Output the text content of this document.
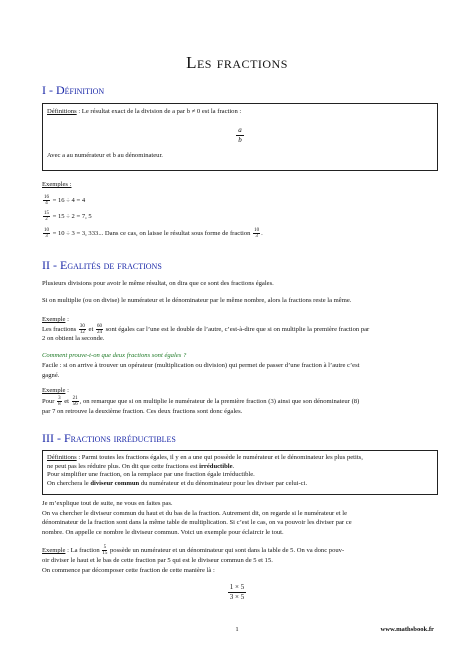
Les fractions
I - Définition
Définitions : Le résultat exact de la division de a par b ≠ 0 est la fraction :
$\frac{a}{b}$
Avec a au numérateur et b au dénominateur.
Exemples :
$\frac{16}{4} = 16 \div 4 = 4$
$\frac{15}{2} = 15 \div 2 = 7$, 5
$\frac{10}{3} = 10 \div 3 = 3$, 333... Dans ce cas, on laisse le résultat sous forme de fraction $\frac{10}{3}$ .
II - Egalités de fractions
Plusieurs divisions pour avoir le même résultat, on dira que ce sont des fractions égales.
Si on multiplie (ou on divise) le numérateur et le dénominateur par le même nombre, alors la fractions reste la même.
Exemple :
Les fractions $\frac{30}{12}$ et $\frac{60}{24}$ sont égales car l’une est le double de l’autre, c’est-à-dire que si on multiplie la première fraction par
2 on obtient la seconde.
Comment prouve-t-on que deux fractions sont égales ?
Facile : si on arrive à trouver un opérateur (multiplication ou division) qui permet de passer d’une fraction à l’autre c’est
gagné.
Exemple :
Pour $\frac{3}{8}$ et $\frac{21}{56}$ , on remarque que si on multiplie le numérateur de la première fraction (3) ainsi que son dénominateur (8)
par 7 on retrouve la deuxième fraction. Ces deux fractions sont donc égales.
III - Fractions irréductibles
Définitions : Parmi toutes les fractions égales, il y en a une qui possède le numérateur et le dénominateur les plus petits,
ne peut pas les réduire plus. On dit que cette fractions est irréductible.
Pour simplifier une fraction, on la remplace par une fraction égale irréductible.
On cherchera le diviseur commun du numérateur et du dénominateur pour les diviser par celui-ci.
Je m’explique tout de suite, ne vous en faites pas.
On va chercher le diviseur commun du haut et du bas de la fraction. Autrement dit, on regarde si le numérateur et le
dénominateur de la fraction sont dans la même table de multiplication. Si c’est le cas, on va pouvoir les diviser par ce
nombre. On appelle ce nombre le diviseur commun. Voici un exemple pour éclaircir le tout.
Exemple : La fraction $\frac{5}{15}$ possède un numérateur et un dénominateur qui sont dans la table de 5. On va donc pouv-
oir diviser le haut et le bas de cette fraction par 5 qui est le diviseur commun de 5 et 15.
On commence par décomposer cette fraction de cette manière là :
$\frac{1 \times 5}{3 \times 5}$
1	www.mathsbook.fr
